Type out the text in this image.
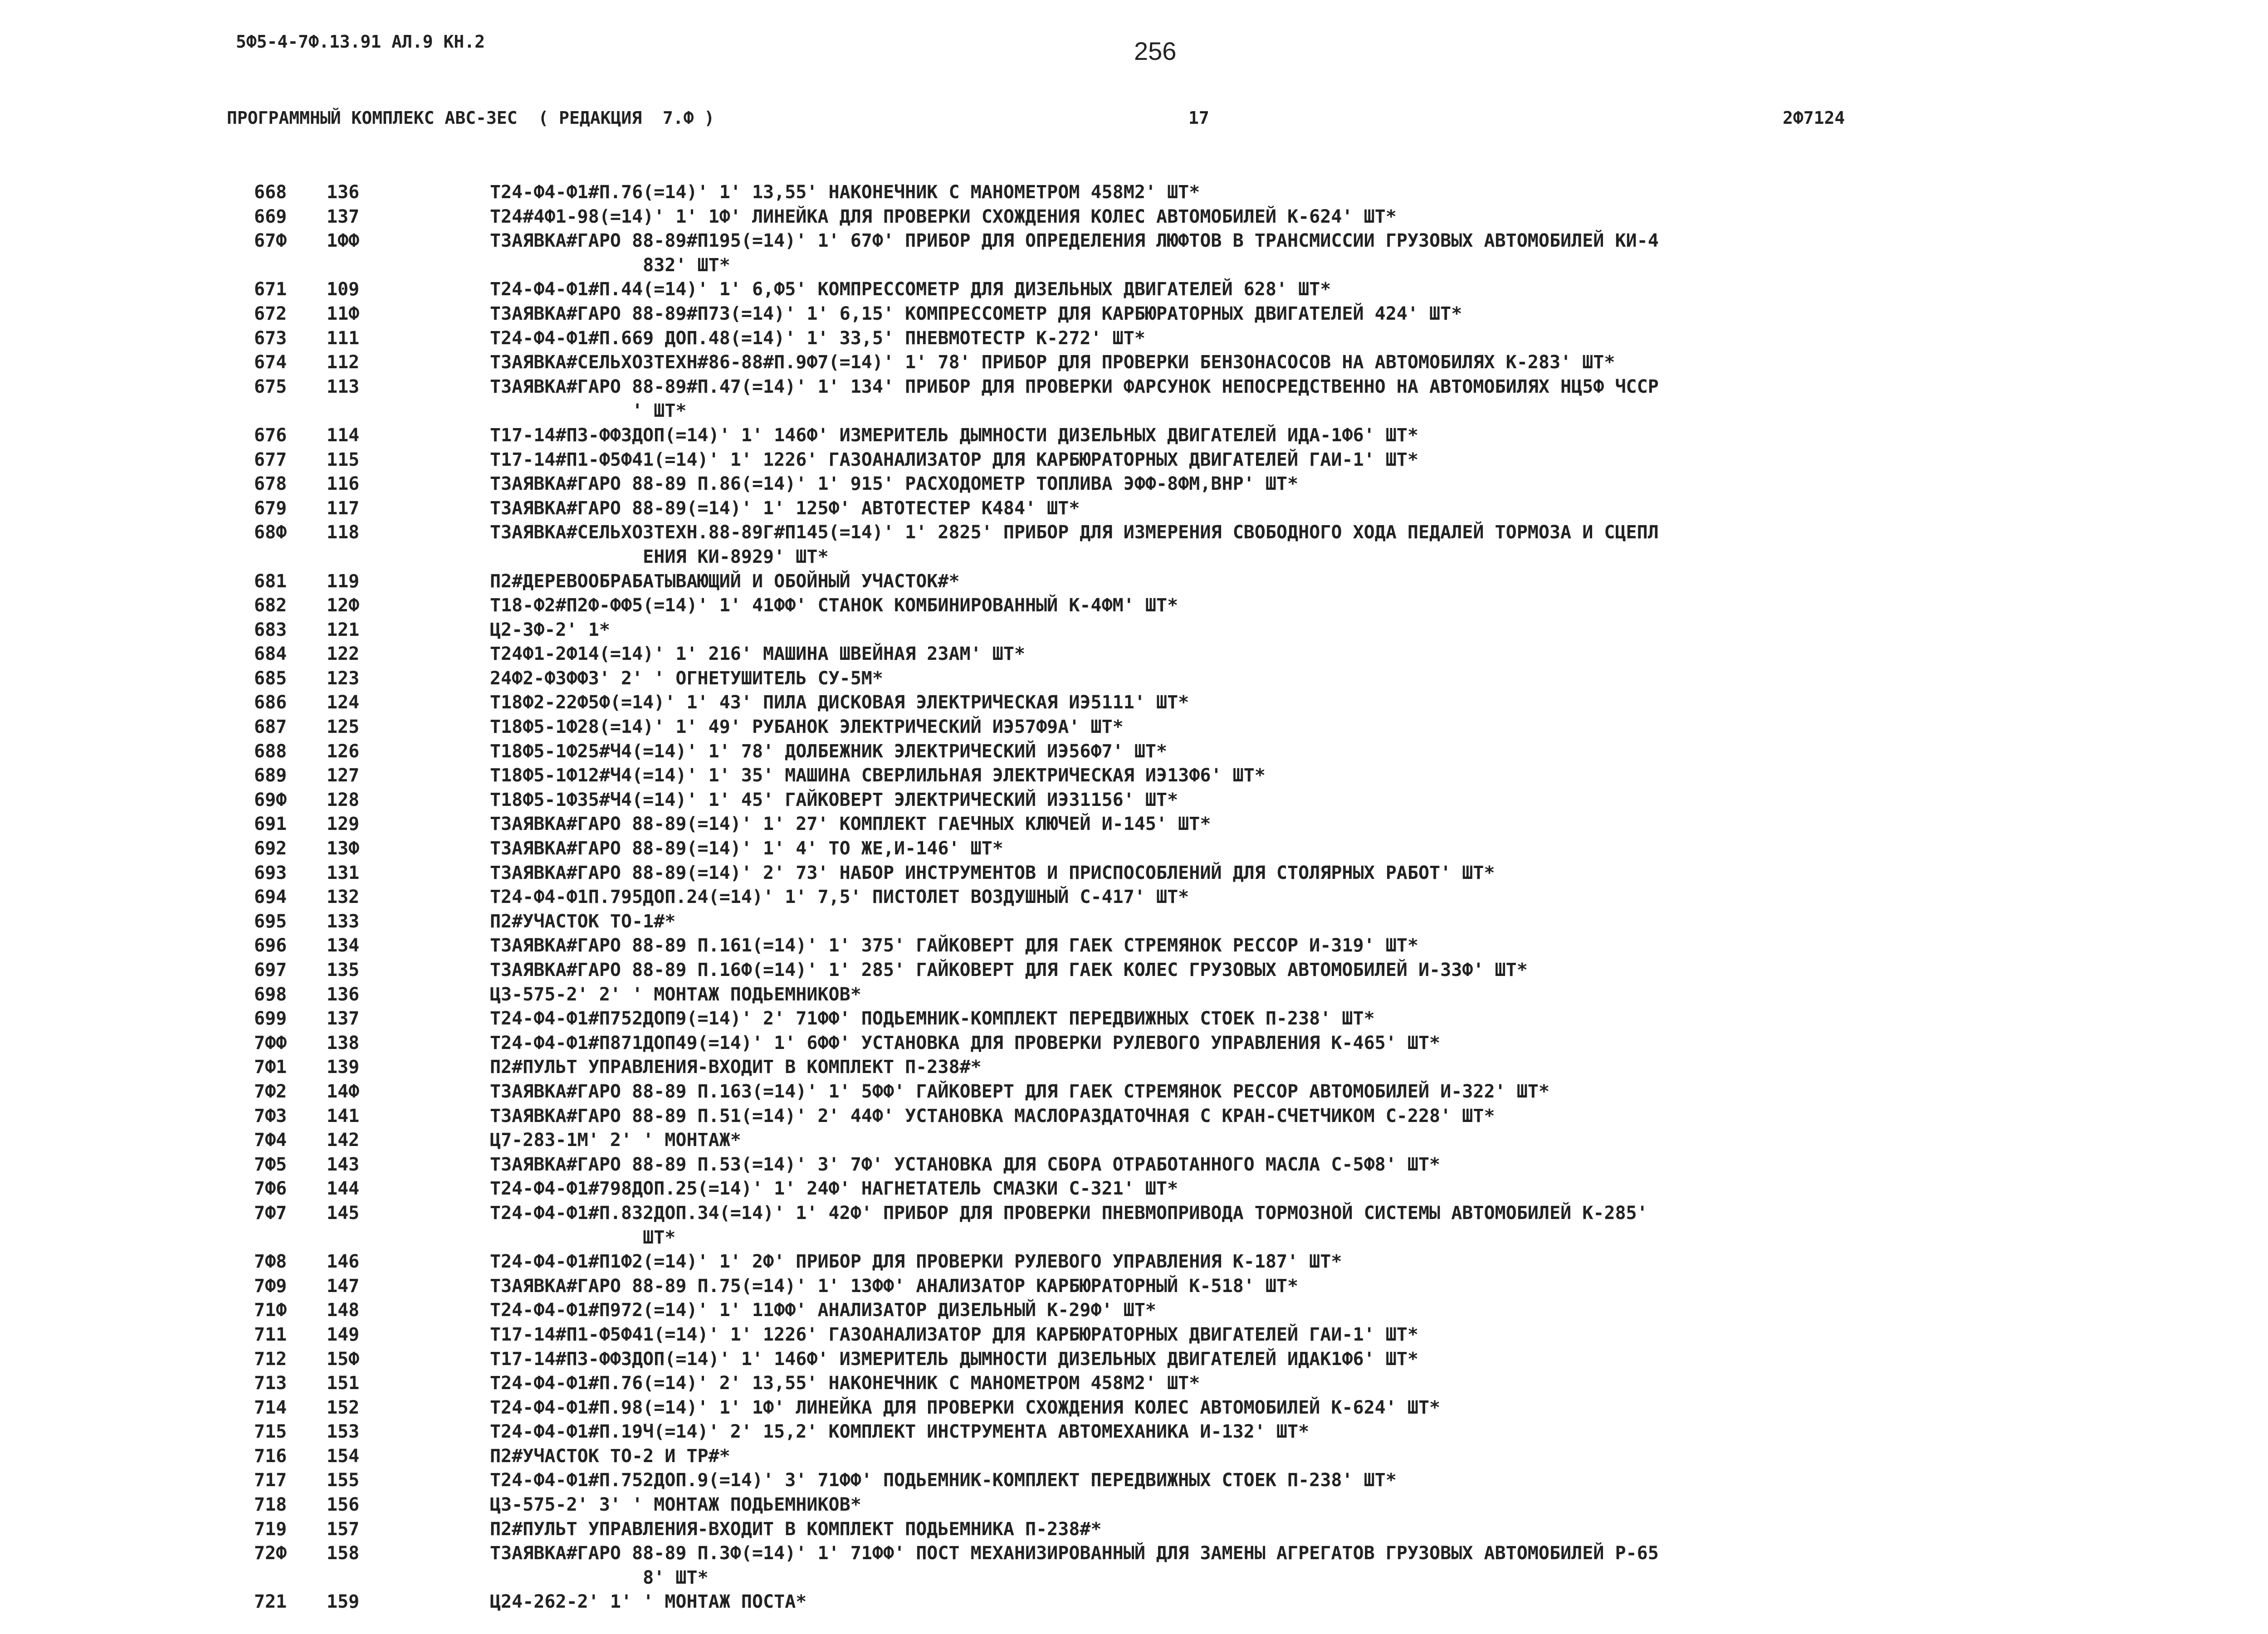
5Ф5-4-7Ф.13.91 АЛ.9 КН.2	256
ПРОГРАММНЫЙ КОМПЛЕКС АВС-ЗЕС  ( РЕДАКЦИЯ  7.Ф )	17	2Ф7124
668	136	Т24-Ф4-Ф1#П.76(=14)' 1' 13,55' НАКОНЕЧНИК С МАНОМЕТРОМ 458М2' ШТ*
669	137	Т24#4Ф1-98(=14)' 1' 1Ф' ЛИНЕЙКА ДЛЯ ПРОВЕРКИ СХОЖДЕНИЯ КОЛЕС АВТОМОБИЛЕЙ К-624' ШТ*
67Ф	1ФФ	ТЗАЯВКА#ГАРО 88-89#П195(=14)' 1' 67Ф' ПРИБОР ДЛЯ ОПРЕДЕЛЕНИЯ ЛЮФТОВ В ТРАНСМИССИИ ГРУЗОВЫХ АВТОМОБИЛЕЙ КИ-4
832' ШТ*
671	109	Т24-Ф4-Ф1#П.44(=14)' 1' 6,Ф5' КОМПРЕССОМЕТР ДЛЯ ДИЗЕЛЬНЫХ ДВИГАТЕЛЕЙ 628' ШТ*
672	11Ф	ТЗАЯВКА#ГАРО 88-89#П73(=14)' 1' 6,15' КОМПРЕССОМЕТР ДЛЯ КАРБЮРАТОРНЫХ ДВИГАТЕЛЕЙ 424' ШТ*
673	111	Т24-Ф4-Ф1#П.669 ДОП.48(=14)' 1' 33,5' ПНЕВМОТЕСТР К-272' ШТ*
674	112	ТЗАЯВКА#СЕЛЬХОЗТЕХН#86-88#П.9Ф7(=14)' 1' 78' ПРИБОР ДЛЯ ПРОВЕРКИ БЕНЗОНАСОСОВ НА АВТОМОБИЛЯХ К-283' ШТ*
675	113	ТЗАЯВКА#ГАРО 88-89#П.47(=14)' 1' 134' ПРИБОР ДЛЯ ПРОВЕРКИ ФАРСУНОК НЕПОСРЕДСТВЕННО НА АВТОМОБИЛЯХ НЦ5Ф ЧССР
' ШТ*
676	114	Т17-14#П3-ФФ3ДОП(=14)' 1' 146Ф' ИЗМЕРИТЕЛЬ ДЫМНОСТИ ДИЗЕЛЬНЫХ ДВИГАТЕЛЕЙ ИДА-1Ф6' ШТ*
677	115	Т17-14#П1-Ф5Ф41(=14)' 1' 1226' ГАЗОАНАЛИЗАТОР ДЛЯ КАРБЮРАТОРНЫХ ДВИГАТЕЛЕЙ ГАИ-1' ШТ*
678	116	ТЗАЯВКА#ГАРО 88-89 П.86(=14)' 1' 915' РАСХОДОМЕТР ТОПЛИВА ЭФФ-8ФМ,ВНР' ШТ*
679	117	ТЗАЯВКА#ГАРО 88-89(=14)' 1' 125Ф' АВТОТЕСТЕР К484' ШТ*
68Ф	118	ТЗАЯВКА#СЕЛЬХОЗТЕХН.88-89Г#П145(=14)' 1' 2825' ПРИБОР ДЛЯ ИЗМЕРЕНИЯ СВОБОДНОГО ХОДА ПЕДАЛЕЙ ТОРМОЗА И СЦЕПЛ
ЕНИЯ КИ-8929' ШТ*
681	119	П2#ДЕРЕВООБРАБАТЫВАЮЩИЙ И ОБОЙНЫЙ УЧАСТОК#*
682	12Ф	Т18-Ф2#П2Ф-ФФ5(=14)' 1' 41ФФ' СТАНОК КОМБИНИРОВАННЫЙ К-4ФМ' ШТ*
683	121	Ц2-3Ф-2' 1*
684	122	Т24Ф1-2Ф14(=14)' 1' 216' МАШИНА ШВЕЙНАЯ 23АМ' ШТ*
685	123	24Ф2-ФЗФФ3' 2' ' ОГНЕТУШИТЕЛЬ СУ-5М*
686	124	Т18Ф2-22Ф5Ф(=14)' 1' 43' ПИЛА ДИСКОВАЯ ЭЛЕКТРИЧЕСКАЯ ИЭ5111' ШТ*
687	125	Т18Ф5-1Ф28(=14)' 1' 49' РУБАНОК ЭЛЕКТРИЧЕСКИЙ ИЭ57Ф9А' ШТ*
688	126	Т18Ф5-1Ф25#Ч4(=14)' 1' 78' ДОЛБЕЖНИК ЭЛЕКТРИЧЕСКИЙ ИЭ56Ф7' ШТ*
689	127	Т18Ф5-1Ф12#Ч4(=14)' 1' 35' МАШИНА СВЕРЛИЛЬНАЯ ЭЛЕКТРИЧЕСКАЯ ИЭ13Ф6' ШТ*
69Ф	128	Т18Ф5-1Ф35#Ч4(=14)' 1' 45' ГАЙКОВЕРТ ЭЛЕКТРИЧЕСКИЙ ИЭ31156' ШТ*
691	129	ТЗАЯВКА#ГАРО 88-89(=14)' 1' 27' КОМПЛЕКТ ГАЕЧНЫХ КЛЮЧЕЙ И-145' ШТ*
692	13Ф	ТЗАЯВКА#ГАРО 88-89(=14)' 1' 4' ТО ЖЕ,И-146' ШТ*
693	131	ТЗАЯВКА#ГАРО 88-89(=14)' 2' 73' НАБОР ИНСТРУМЕНТОВ И ПРИСПОСОБЛЕНИЙ ДЛЯ СТОЛЯРНЫХ РАБОТ' ШТ*
694	132	Т24-Ф4-Ф1П.795ДОП.24(=14)' 1' 7,5' ПИСТОЛЕТ ВОЗДУШНЫЙ С-417' ШТ*
695	133	П2#УЧАСТОК ТО-1#*
696	134	ТЗАЯВКА#ГАРО 88-89 П.161(=14)' 1' 375' ГАЙКОВЕРТ ДЛЯ ГАЕК СТРЕМЯНОК РЕССОР И-319' ШТ*
697	135	ТЗАЯВКА#ГАРО 88-89 П.16Ф(=14)' 1' 285' ГАЙКОВЕРТ ДЛЯ ГАЕК КОЛЕС ГРУЗОВЫХ АВТОМОБИЛЕЙ И-33Ф' ШТ*
698	136	Ц3-575-2' 2' ' МОНТАЖ ПОДЬЕМНИКОВ*
699	137	Т24-Ф4-Ф1#П752ДОП9(=14)' 2' 71ФФ' ПОДЬЕМНИК-КОМПЛЕКТ ПЕРЕДВИЖНЫХ СТОЕК П-238' ШТ*
7ФФ	138	Т24-Ф4-Ф1#П871ДОП49(=14)' 1' 6ФФ' УСТАНОВКА ДЛЯ ПРОВЕРКИ РУЛЕВОГО УПРАВЛЕНИЯ К-465' ШТ*
7Ф1	139	П2#ПУЛЬТ УПРАВЛЕНИЯ-ВХОДИТ В КОМПЛЕКТ П-238#*
7Ф2	14Ф	ТЗАЯВКА#ГАРО 88-89 П.163(=14)' 1' 5ФФ' ГАЙКОВЕРТ ДЛЯ ГАЕК СТРЕМЯНОК РЕССОР АВТОМОБИЛЕЙ И-322' ШТ*
7Ф3	141	ТЗАЯВКА#ГАРО 88-89 П.51(=14)' 2' 44Ф' УСТАНОВКА МАСЛОРАЗДАТОЧНАЯ С КРАН-СЧЕТЧИКОМ С-228' ШТ*
7Ф4	142	Ц7-283-1М' 2' ' МОНТАЖ*
7Ф5	143	ТЗАЯВКА#ГАРО 88-89 П.53(=14)' 3' 7Ф' УСТАНОВКА ДЛЯ СБОРА ОТРАБОТАННОГО МАСЛА С-5Ф8' ШТ*
7Ф6	144	Т24-Ф4-Ф1#798ДОП.25(=14)' 1' 24Ф' НАГНЕТАТЕЛЬ СМАЗКИ С-321' ШТ*
7Ф7	145	Т24-Ф4-Ф1#П.832ДОП.34(=14)' 1' 42Ф' ПРИБОР ДЛЯ ПРОВЕРКИ ПНЕВМОПРИВОДА ТОРМОЗНОЙ СИСТЕМЫ АВТОМОБИЛЕЙ К-285'
ШТ*
7Ф8	146	Т24-Ф4-Ф1#П1Ф2(=14)' 1' 2Ф' ПРИБОР ДЛЯ ПРОВЕРКИ РУЛЕВОГО УПРАВЛЕНИЯ К-187' ШТ*
7Ф9	147	ТЗАЯВКА#ГАРО 88-89 П.75(=14)' 1' 13ФФ' АНАЛИЗАТОР КАРБЮРАТОРНЫЙ К-518' ШТ*
71Ф	148	Т24-Ф4-Ф1#П972(=14)' 1' 11ФФ' АНАЛИЗАТОР ДИЗЕЛЬНЫЙ К-29Ф' ШТ*
711	149	Т17-14#П1-Ф5Ф41(=14)' 1' 1226' ГАЗОАНАЛИЗАТОР ДЛЯ КАРБЮРАТОРНЫХ ДВИГАТЕЛЕЙ ГАИ-1' ШТ*
712	15Ф	Т17-14#П3-ФФ3ДОП(=14)' 1' 146Ф' ИЗМЕРИТЕЛЬ ДЫМНОСТИ ДИЗЕЛЬНЫХ ДВИГАТЕЛЕЙ ИДАК1Ф6' ШТ*
713	151	Т24-Ф4-Ф1#П.76(=14)' 2' 13,55' НАКОНЕЧНИК С МАНОМЕТРОМ 458М2' ШТ*
714	152	Т24-Ф4-Ф1#П.98(=14)' 1' 1Ф' ЛИНЕЙКА ДЛЯ ПРОВЕРКИ СХОЖДЕНИЯ КОЛЕС АВТОМОБИЛЕЙ К-624' ШТ*
715	153	Т24-Ф4-Ф1#П.19Ч(=14)' 2' 15,2' КОМПЛЕКТ ИНСТРУМЕНТА АВТОМЕХАНИКА И-132' ШТ*
716	154	П2#УЧАСТОК ТО-2 И ТР#*
717	155	Т24-Ф4-Ф1#П.752ДОП.9(=14)' 3' 71ФФ' ПОДЬЕМНИК-КОМПЛЕКТ ПЕРЕДВИЖНЫХ СТОЕК П-238' ШТ*
718	156	Ц3-575-2' 3' ' МОНТАЖ ПОДЬЕМНИКОВ*
719	157	П2#ПУЛЬТ УПРАВЛЕНИЯ-ВХОДИТ В КОМПЛЕКТ ПОДЬЕМНИКА П-238#*
72Ф	158	ТЗАЯВКА#ГАРО 88-89 П.3Ф(=14)' 1' 71ФФ' ПОСТ МЕХАНИЗИРОВАННЫЙ ДЛЯ ЗАМЕНЫ АГРЕГАТОВ ГРУЗОВЫХ АВТОМОБИЛЕЙ Р-65
8' ШТ*
721	159	Ц24-262-2' 1' ' МОНТАЖ ПОСТА*
